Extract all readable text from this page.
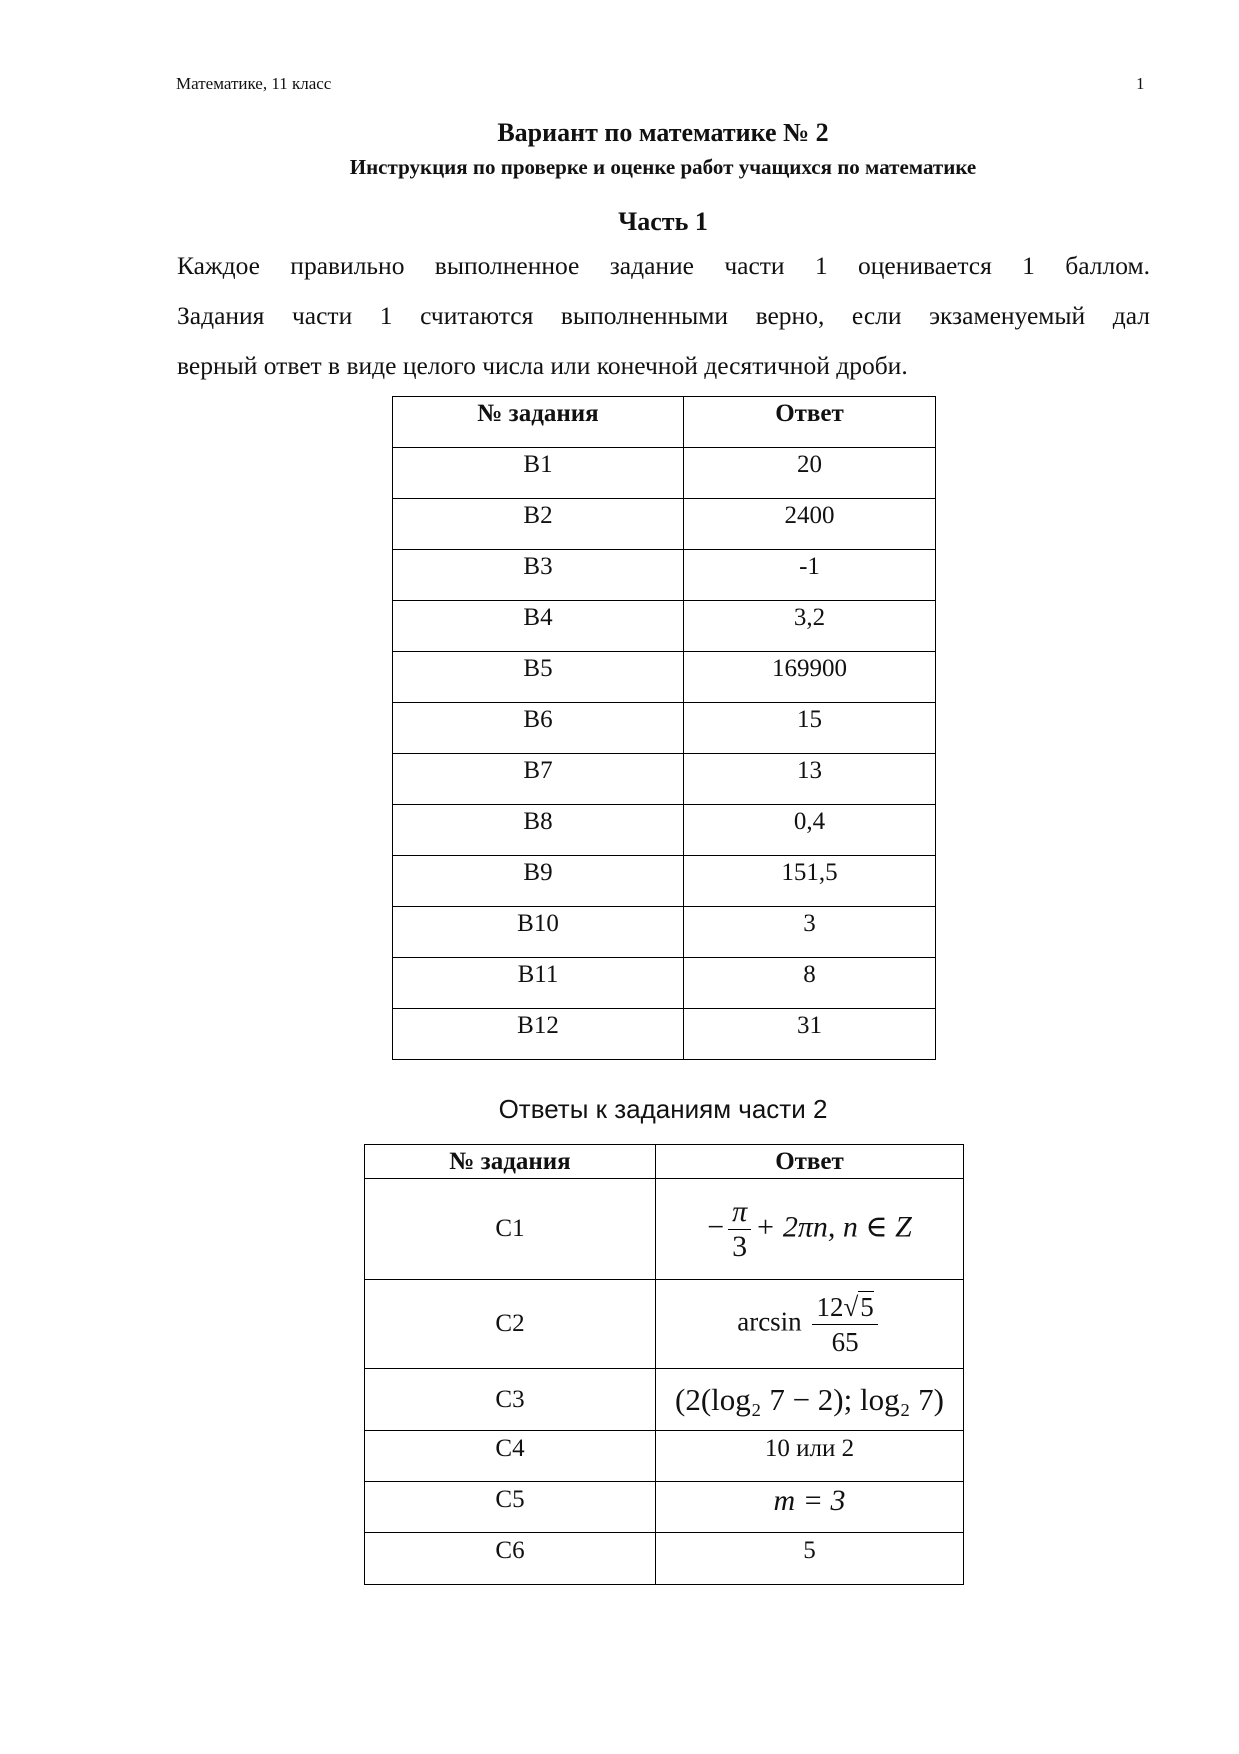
Математике, 11 класс	1
Вариант по математике № 2
Инструкция по проверке и оценке работ учащихся по математике
Часть 1
Каждое правильно выполненное задание части 1 оценивается 1 баллом.
Задания части 1 считаются выполненными верно, если экзаменуемый дал
верный ответ в виде целого числа или конечной десятичной дроби.
№ задания	Ответ
B1	20
B2	2400
B3	-1
B4	3,2
B5	169900
B6	15
B7	13
B8	0,4
B9	151,5
B10	3
B11	8
B12	31
Ответы к заданиям части 2
№ задания	Ответ
C1	− $\frac{\pi}{3} + 2\pi n$, n ∈ Z
C2	$\arcsin \frac{12√5}{65}$

C3	(2(log₂ 7 − 2); log₂ 7)
C4	10 или 2
C5	m = 3
C6	5
